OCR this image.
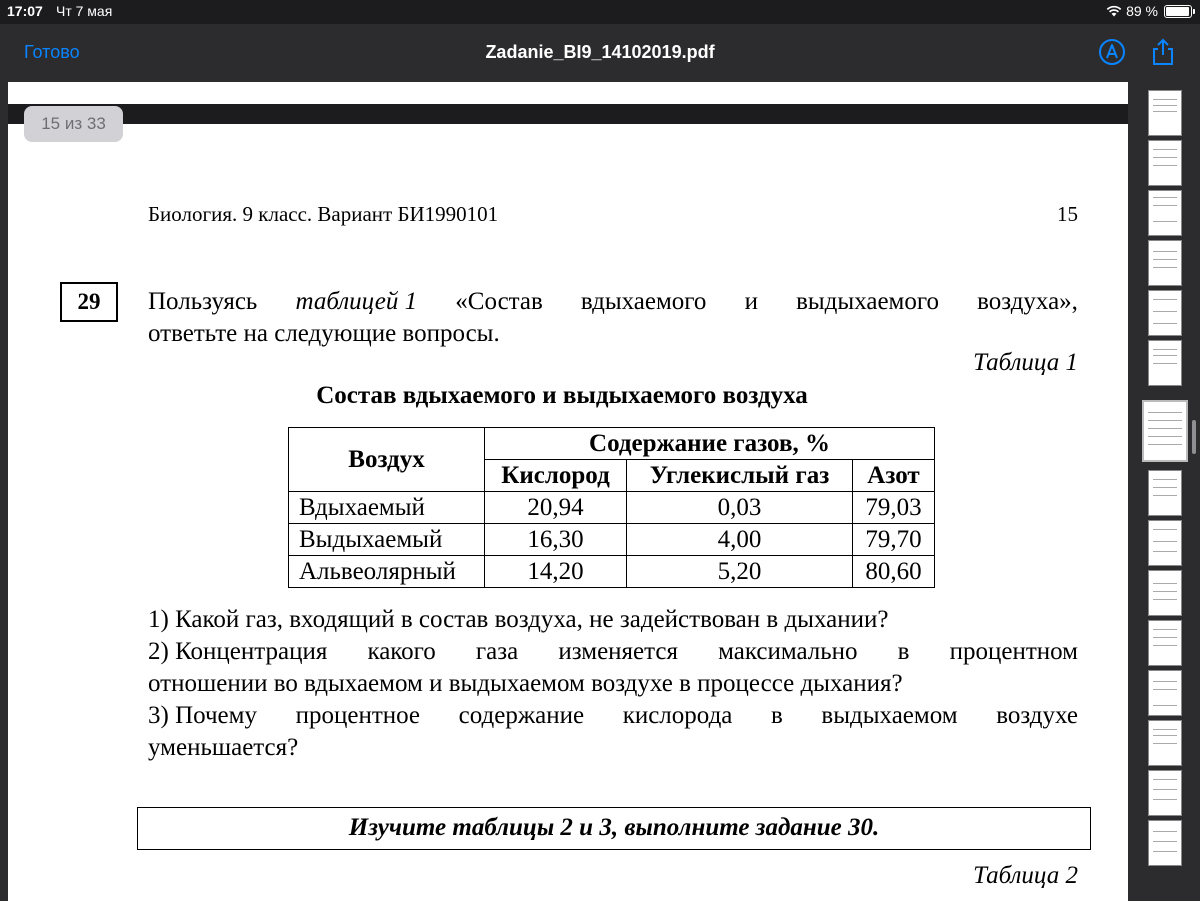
17:07 Чт 7 мая	89 %
Готово	Zadanie_BI9_14102019.pdf
Биология. 9 класс. Вариант БИ1990101	15
29	Пользуясь таблицей 1 «Состав вдыхаемого и выдыхаемого воздуха»,
ответьте на следующие вопросы.
Таблица 1
Состав вдыхаемого и выдыхаемого воздуха
Воздух	Содержание газов, %		
	Кислород	Углекислый газ	Азот
Вдыхаемый	20,94	0,03	79,03
Выдыхаемый	16,30	4,00	79,70
Альвеолярный	14,20	5,20	80,60
1) Какой газ, входящий в состав воздуха, не задействован в дыхании?
2) Концентрация какого газа изменяется максимально в процентном
отношении во вдыхаемом и выдыхаемом воздухе в процессе дыхания?
3) Почему процентное содержание кислорода в выдыхаемом воздухе
уменьшается?
Изучите таблицы 2 и 3, выполните задание 30.
Таблица 2
15 из 33
